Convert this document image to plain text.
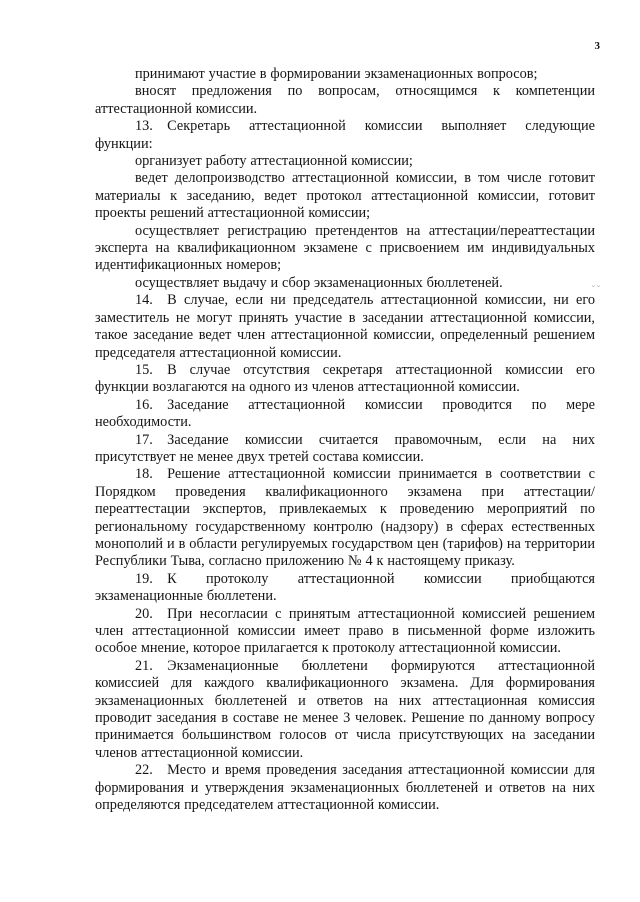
3

принимают участие в формировании экзаменационных вопросов;

вносят предложения по вопросам, относящимся к компетенции аттестационной комиссии.

13. Секретарь аттестационной комиссии выполняет следующие функции:

организует работу аттестационной комиссии;

ведет делопроизводство аттестационной комиссии, в том числе готовит материалы к заседанию, ведет протокол аттестационной комиссии, готовит проекты решений аттестационной комиссии;

осуществляет регистрацию претендентов на аттестации/переаттестации эксперта на квалификационном экзамене с присвоением им индивидуальных идентификационных номеров;

осуществляет выдачу и сбор экзаменационных бюллетеней.

14. В случае, если ни председатель аттестационной комиссии, ни его заместитель не могут принять участие в заседании аттестационной комиссии, такое заседание ведет член аттестационной комиссии, определенный решением председателя аттестационной комиссии.

15. В случае отсутствия секретаря аттестационной комиссии его функции возлагаются на одного из членов аттестационной комиссии.

16. Заседание аттестационной комиссии проводится по мере необходимости.

17. Заседание комиссии считается правомочным, если на них присутствует не менее двух третей состава комиссии.

18. Решение аттестационной комиссии принимается в соответствии с Порядком проведения квалификационного экзамена при аттестации/переаттестации экспертов, привлекаемых к проведению мероприятий по региональному государственному контролю (надзору) в сферах естественных монополий и в области регулируемых государством цен (тарифов) на территории Республики Тыва, согласно приложению № 4 к настоящему приказу.

19. К протоколу аттестационной комиссии приобщаются экзаменационные бюллетени.

20. При несогласии с принятым аттестационной комиссией решением член аттестационной комиссии имеет право в письменной форме изложить особое мнение, которое прилагается к протоколу аттестационной комиссии.

21. Экзаменационные бюллетени формируются аттестационной комиссией для каждого квалификационного экзамена. Для формирования экзаменационных бюллетеней и ответов на них аттестационная комиссия проводит заседания в составе не менее 3 человек. Решение по данному вопросу принимается большинством голосов от числа присутствующих на заседании членов аттестационной комиссии.

22. Место и время проведения заседания аттестационной комиссии для формирования и утверждения экзаменационных бюллетеней и ответов на них определяются председателем аттестационной комиссии.

˘ ˘
